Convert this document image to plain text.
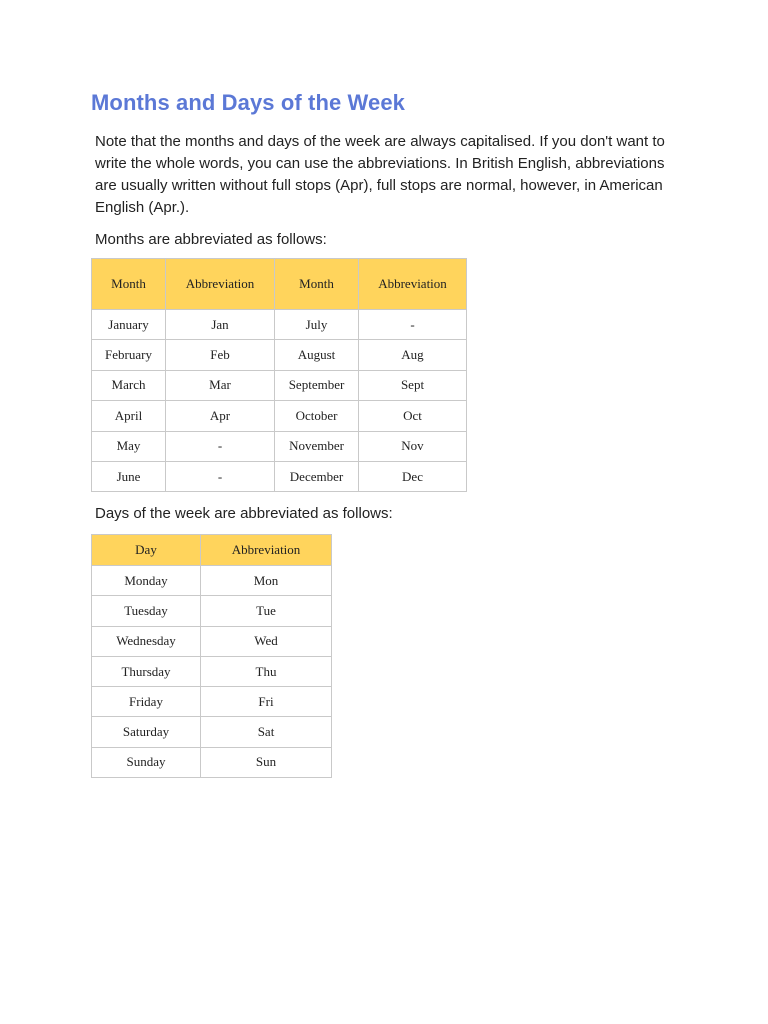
Months and Days of the Week

Note that the months and days of the week are always capitalised. If you don't want to write the whole words, you can use the abbreviations. In British English, abbreviations are usually written without full stops (Apr), full stops are normal, however, in American English (Apr.).

Months are abbreviated as follows:

Month	Abbreviation	Month	Abbreviation
January	Jan	July	-
February	Feb	August	Aug
March	Mar	September	Sept
April	Apr	October	Oct
May	-	November	Nov
June	-	December	Dec

Days of the week are abbreviated as follows:

Day	Abbreviation
Monday	Mon
Tuesday	Tue
Wednesday	Wed
Thursday	Thu
Friday	Fri
Saturday	Sat
Sunday	Sun
